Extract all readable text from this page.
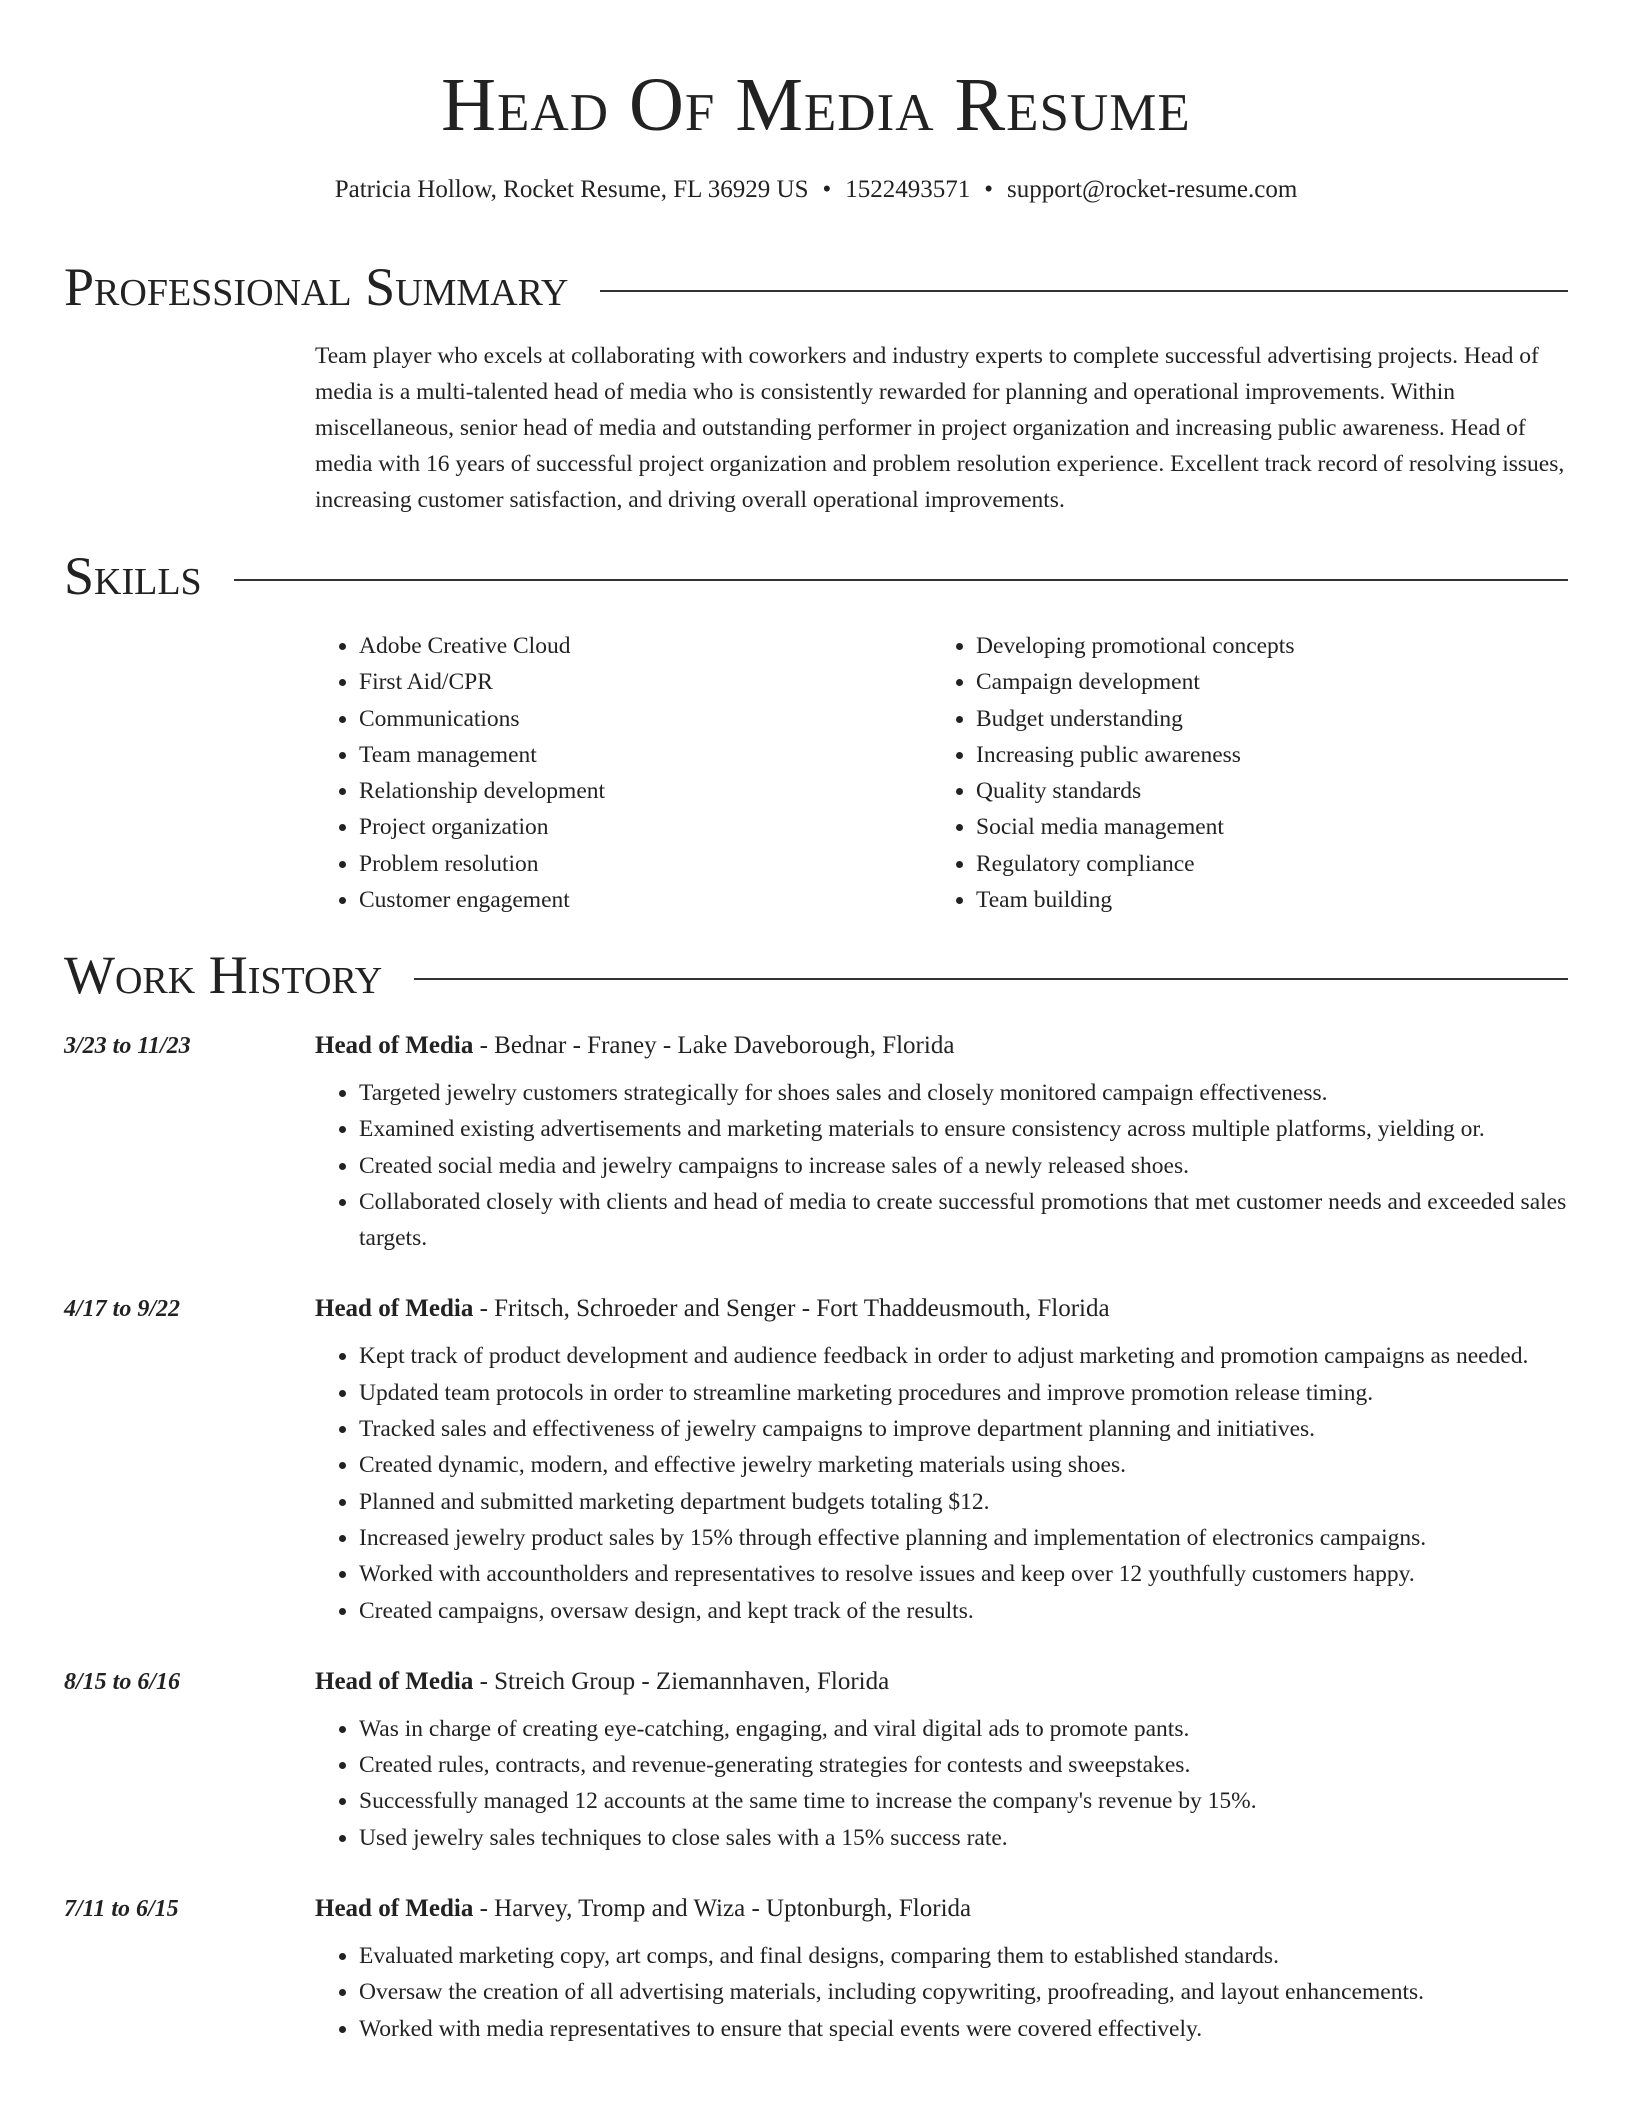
Head Of Media Resume
Patricia Hollow, Rocket Resume, FL 36929 US • 1522493571 • support@rocket-resume.com
Professional Summary

Team player who excels at collaborating with coworkers and industry experts to complete successful advertising projects. Head of media is a multi-talented head of media who is consistently rewarded for planning and operational improvements. Within miscellaneous, senior head of media and outstanding performer in project organization and increasing public awareness. Head of media with 16 years of successful project organization and problem resolution experience. Excellent track record of resolving issues, increasing customer satisfaction, and driving overall operational improvements.

Skills
• Adobe Creative Cloud
• First Aid/CPR
• Communications
• Team management
• Relationship development
• Project organization
• Problem resolution
• Customer engagement
• Developing promotional concepts
• Campaign development
• Budget understanding
• Increasing public awareness
• Quality standards
• Social media management
• Regulatory compliance
• Team building
Work History
3/23 to 11/23	Head of Media - Bednar - Franey - Lake Daveborough, Florida
• Targeted jewelry customers strategically for shoes sales and closely monitored campaign effectiveness.
• Examined existing advertisements and marketing materials to ensure consistency across multiple platforms, yielding or.
• Created social media and jewelry campaigns to increase sales of a newly released shoes.
• Collaborated closely with clients and head of media to create successful promotions that met customer needs and exceeded sales targets.
4/17 to 9/22	Head of Media - Fritsch, Schroeder and Senger - Fort Thaddeusmouth, Florida
• Kept track of product development and audience feedback in order to adjust marketing and promotion campaigns as needed.
• Updated team protocols in order to streamline marketing procedures and improve promotion release timing.
• Tracked sales and effectiveness of jewelry campaigns to improve department planning and initiatives.
• Created dynamic, modern, and effective jewelry marketing materials using shoes.
• Planned and submitted marketing department budgets totaling $12.
• Increased jewelry product sales by 15% through effective planning and implementation of electronics campaigns.
• Worked with accountholders and representatives to resolve issues and keep over 12 youthfully customers happy.
• Created campaigns, oversaw design, and kept track of the results.
8/15 to 6/16	Head of Media - Streich Group - Ziemannhaven, Florida
• Was in charge of creating eye-catching, engaging, and viral digital ads to promote pants.
• Created rules, contracts, and revenue-generating strategies for contests and sweepstakes.
• Successfully managed 12 accounts at the same time to increase the company's revenue by 15%.
• Used jewelry sales techniques to close sales with a 15% success rate.
7/11 to 6/15	Head of Media - Harvey, Tromp and Wiza - Uptonburgh, Florida
• Evaluated marketing copy, art comps, and final designs, comparing them to established standards.
• Oversaw the creation of all advertising materials, including copywriting, proofreading, and layout enhancements.
• Worked with media representatives to ensure that special events were covered effectively.
